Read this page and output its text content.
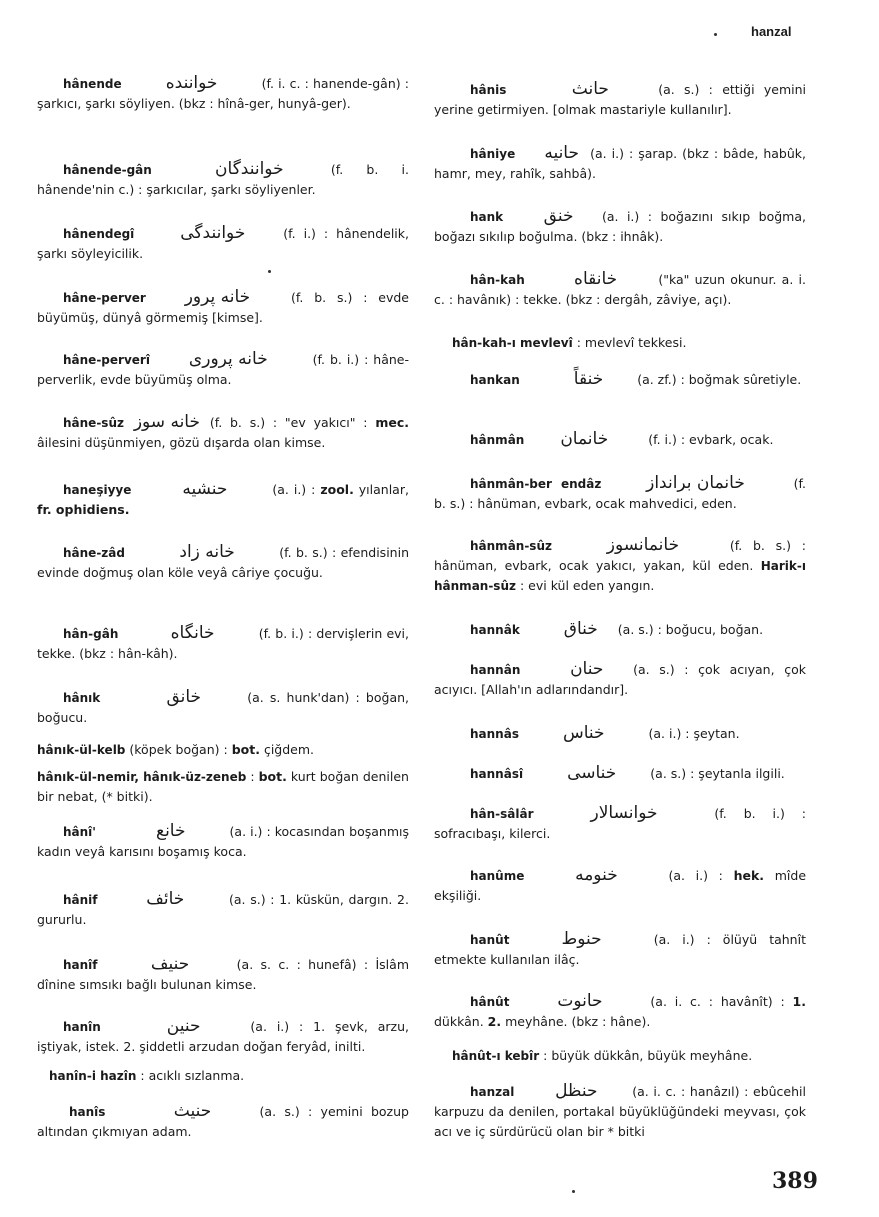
hanzal
hânende	خواننده	(f. i. c. : hanende-gân) : şarkıcı, şarkı söyliyen. (bkz : hînâ-ger, hunyâ-ger).
hânende-gân	خوانندگان	(f. b. i. hânende'nin c.) : şarkıcılar, şarkı söyliyenler.
hânendegî	خوانندگی	(f. i.) : hânendelik, şarkı söyleyicilik.
hâne-perver خانه پرور	(f. b. s.) : evde büyümüş, dünyâ görmemiş [kimse].
hâne-perverî خانه پروری	(f. b. i.) : hâne-perverlik, evde büyümüş olma.
hâne-sûz خانه سوز (f. b. s.) : "ev yakıcı" : mec. âilesini düşünmiyen, gözü dışarda olan kimse.
haneşiyye	حنشیه	(a. i.) : zool. yılanlar, fr. ophidiens.
hâne-zâd	خانه زاد	(f. b. s.) : efendisinin evinde doğmuş olan köle veyâ câriye çocuğu.
hân-gâh	خانگاه	(f. b. i.) : dervişlerin evi, tekke. (bkz : hân-kâh).
hânık	خانق	(a. s. hunk'dan) : boğan, boğucu.
hânık-ül-kelb (köpek boğan) : bot. çiğdem.
hânık-ül-nemir, hânık-üz-zeneb : bot. kurt boğan denilen bir nebat, (* bitki).
hânî'	خانع	(a. i.) : kocasından boşanmış kadın veyâ karısını boşamış koca.
hânif	خائف	(a. s.) : 1. küskün, dargın. 2. gururlu.
hanîf	حنیف	(a. s. c. : hunefâ) : İslâm dînine sımsıkı bağlı bulunan kimse.
hanîn	حنین	(a. i.) : 1. şevk, arzu, iştiyak, istek. 2. şiddetli arzudan doğan feryâd, inilti.
hanîn-i hazîn : acıklı sızlanma.
hanîs	حنیث	(a. s.) : yemini bozup altından çıkmıyan adam.
hânis	حانث	(a. s.) : ettiği yemini yerine getirmiyen. [olmak mastariyle kullanılır].
hâniye حانیه (a. i.) : şarap. (bkz : bâde, habûk, hamr, mey, rahîk, sahbâ).
hank خنق (a. i.) : boğazını sıkıp boğma, boğazı sıkılıp boğulma. (bkz : ihnâk).
hân-kah	خانقاه	("ka" uzun okunur. a. i. c. : havânık) : tekke. (bkz : dergâh, zâviye, açı).
hân-kah-ı mevlevî : mevlevî tekkesi.
hankan	خنقاً	(a. zf.) : boğmak sûretiyle.
hânmân خانمان	(f. i.) : evbark, ocak.
hânmân-ber endâz	خانمان برانداز	(f. b. s.) : hânüman, evbark, ocak mahvedici, eden.
hânmân-sûz	خانمانسوز	(f. b. s.) : hânüman, evbark, ocak yakıcı, yakan, kül eden. Harik-ı hânman-sûz : evi kül eden yangın.
hannâk	خناق (a. s.) : boğucu, boğan.
hannân	حنان (a. s.) : çok acıyan, çok acıyıcı. [Allah'ın adlarındandır].
hannâs	خناس	(a. i.) : şeytan.
hannâsî	خناسی	(a. s.) : şeytanla ilgili.
hân-sâlâr	خوانسالار	(f. b. i.) : sofracıbaşı, kilerci.
hanûme	خنومه	(a. i.) : hek. mîde ekşiliği.
hanût	حنوط	(a. i.) : ölüyü tahnît etmekte kullanılan ilâç.
hânût	حانوت	(a. i. c. : havânît) : 1. dükkân. 2. meyhâne. (bkz : hâne).
hânût-ı kebîr : büyük dükkân, büyük meyhâne.
hanzal حنظل	(a. i. c. : hanâzıl) : ebûcehil karpuzu da denilen, portakal büyüklüğündeki meyvası, çok acı ve iç sürdürücü olan bir * bitki
389
